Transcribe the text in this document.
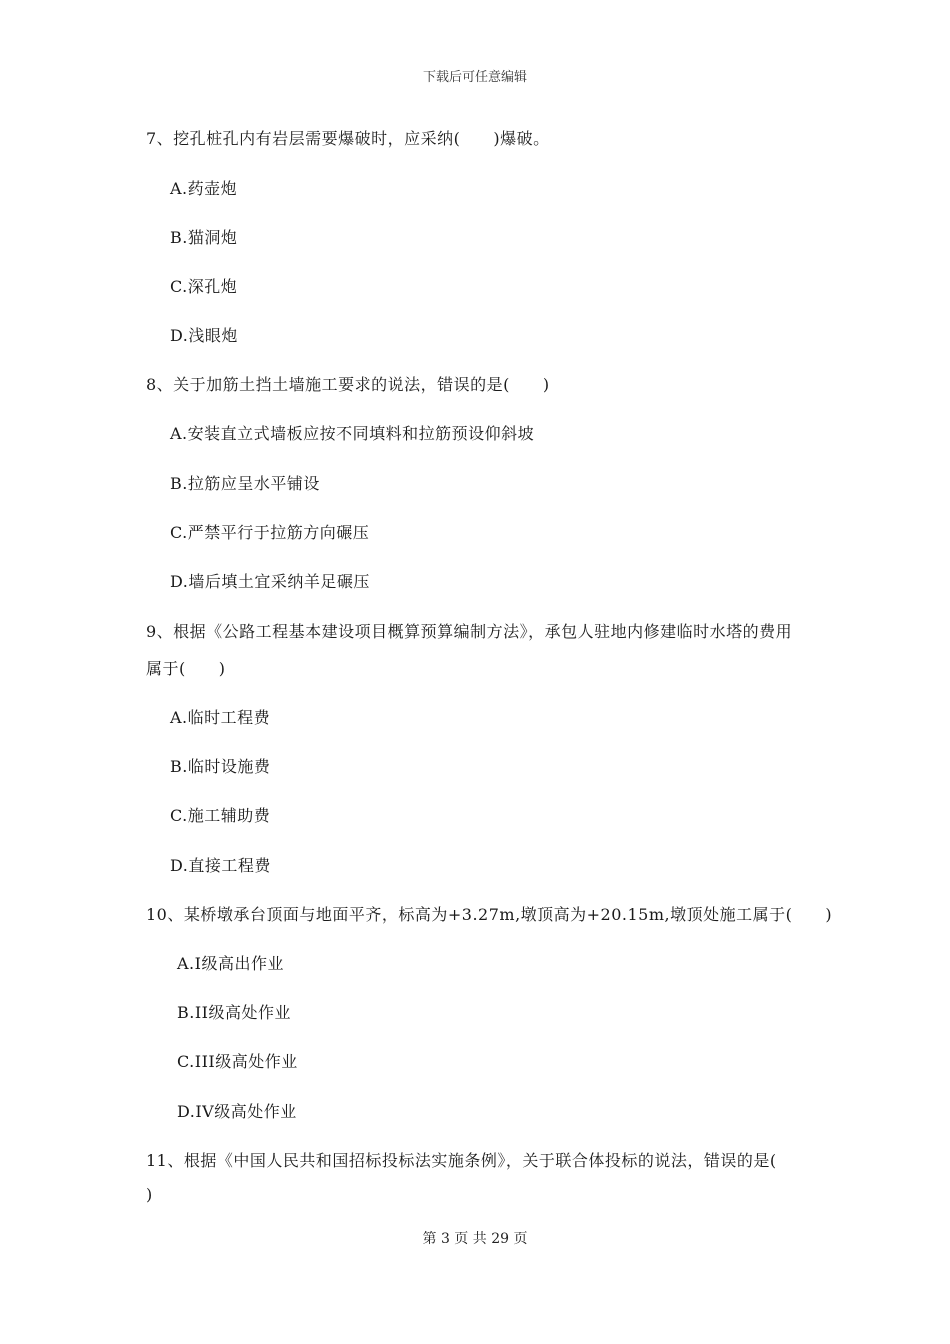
下载后可任意编辑
7、挖孔桩孔内有岩层需要爆破时，应采纳(　　)爆破。
A.药壶炮
B.猫洞炮
C.深孔炮
D.浅眼炮
8、关于加筋土挡土墙施工要求的说法，错误的是(　　)
A.安装直立式墙板应按不同填料和拉筋预设仰斜坡
B.拉筋应呈水平铺设
C.严禁平行于拉筋方向碾压
D.墙后填土宜采纳羊足碾压
9、根据《公路工程基本建设项目概算预算编制方法》，承包人驻地内修建临时水塔的费用
属于(　　)
A.临时工程费
B.临时设施费
C.施工辅助费
D.直接工程费
10、某桥墩承台顶面与地面平齐，标高为+3.27m,墩顶高为+20.15m,墩顶处施工属于(　　)
A.I级高出作业
B.II级高处作业
C.III级高处作业
D.IV级高处作业
11、根据《中国人民共和国招标投标法实施条例》，关于联合体投标的说法，错误的是(
)
第 3 页 共 29 页
